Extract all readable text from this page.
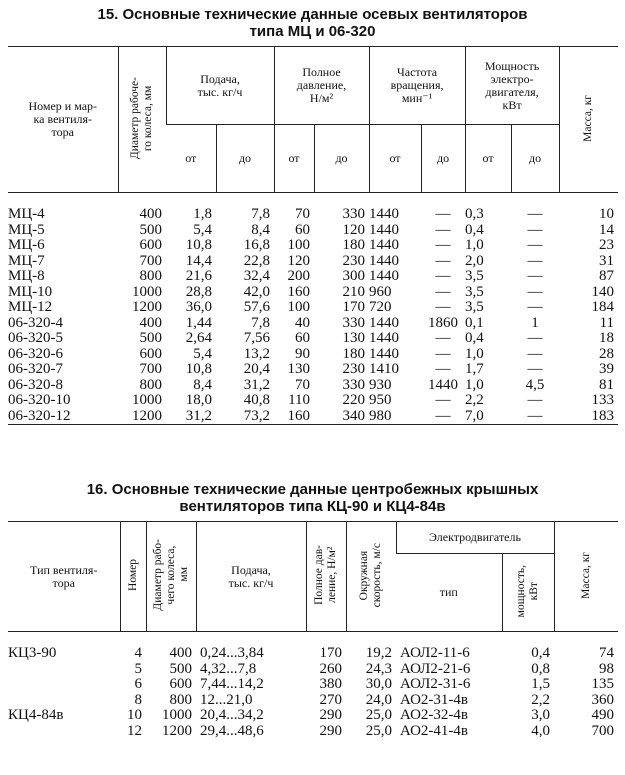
15. Основные технические данные осевых вентиляторов
типа МЦ и 06-320
Номер и мар-
ка вентиля-
тора	Диаметр рабоче-
го колеса, мм	Подача,
тыс. кг/ч		Полное
давление,
Н/м²		Частота
вращения,
мин⁻¹		Мощность
электро-
двигателя,
кВт		Масса, кг
		от	до	от	до	от	до	от	до	

МЦ-4	400	1,8	7,8	70	330	1440	—	0,3	—	10
МЦ-5	500	5,4	8,4	60	120	1440	—	0,4	—	14
МЦ-6	600	10,8	16,8	100	180	1440	—	1,0	—	23
МЦ-7	700	14,4	22,8	120	230	1440	—	2,0	—	31
МЦ-8	800	21,6	32,4	200	300	1440	—	3,5	—	87
МЦ-10	1000	28,8	42,0	160	210	960	—	3,5	—	140
МЦ-12	1200	36,0	57,6	100	170	720	—	3,5	—	184
06-320-4	400	1,44	7,8	40	330	1440	1860	0,1	1	11
06-320-5	500	2,64	7,56	60	130	1440	—	0,4	—	18
06-320-6	600	5,4	13,2	90	180	1440	—	1,0	—	28
06-320-7	700	10,8	20,4	130	230	1410	—	1,7	—	39
06-320-8	800	8,4	31,2	70	330	930	1440	1,0	4,5	81
06-320-10	1000	18,0	40,8	110	220	950	—	2,2	—	133
06-320-12	1200	31,2	73,2	160	340	980	—	7,0	—	183

16. Основные технические данные центробежных крышных
вентиляторов типа КЦ-90 и КЦ4-84в
Тип вентиля-
тора	Номер	Диаметр рабо-
чего колеса,
мм	Подача,
тыс. кг/ч	Полное дав-
ление, Н/м²	Окружная
скорость, м/с	Электродвигатель		Масса, кг
						тип	мощность,
кВт	

КЦ3-90	4	400	0,24...3,84	170	19,2	АОЛ2-11-6	0,4	74
	5	500	4,32...7,8	260	24,3	АОЛ2-21-6	0,8	98
	6	600	7,44...14,2	380	30,0	АОЛ2-31-6	1,5	135
	8	800	12...21,0	270	24,0	АО2-31-4в	2,2	360
КЦ4-84в	10	1000	20,4...34,2	290	25,0	АО2-32-4в	3,0	490
	12	1200	29,4...48,6	290	25,0	АО2-41-4в	4,0	700
